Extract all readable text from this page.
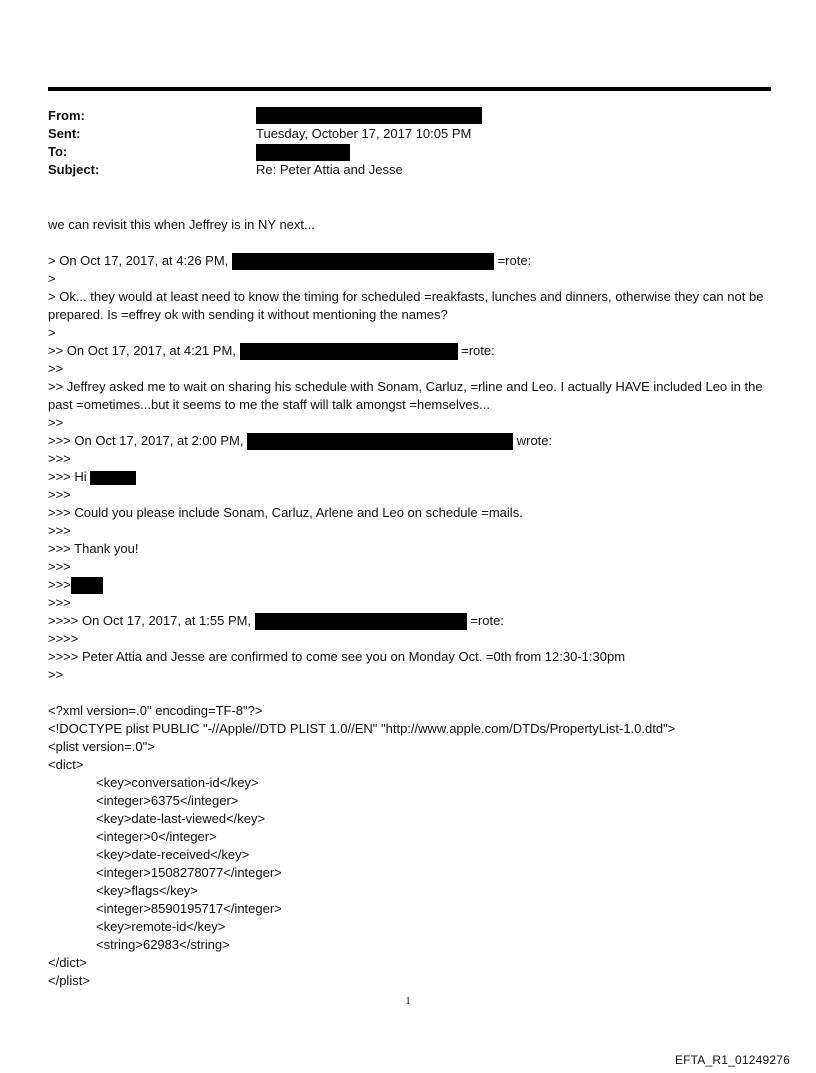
From:
Sent:	Tuesday, October 17, 2017 10:05 PM
To:
Subject:	Re: Peter Attia and Jesse
we can revisit this when Jeffrey is in NY next...
> On Oct 17, 2017, at 4:26 PM,	=rote:
>
> Ok... they would at least need to know the timing for scheduled =reakfasts, lunches and dinners, otherwise they can not be prepared. Is =effrey ok with sending it without mentioning the names?
>
>> On Oct 17, 2017, at 4:21 PM,	=rote:
>>
>> Jeffrey asked me to wait on sharing his schedule with Sonam, Carluz, =rline and Leo. I actually HAVE included Leo in the past =ometimes...but it seems to me the staff will talk amongst =hemselves...
>>
>>> On Oct 17, 2017, at 2:00 PM,	wrote:
>>>
>>> Hi
>>>
>>> Could you please include Sonam, Carluz, Arlene and Leo on schedule =mails.
>>>
>>> Thank you!
>>>
>>>
>>>
>>>> On Oct 17, 2017, at 1:55 PM,	=rote:
>>>>
>>>> Peter Attia and Jesse are confirmed to come see you on Monday Oct. =0th from 12:30-1:30pm
>>
<?xml version=.0" encoding=TF-8"?>
<!DOCTYPE plist PUBLIC "-//Apple//DTD PLIST 1.0//EN" "http://www.apple.com/DTDs/PropertyList-1.0.dtd">
<plist version=.0">
<dict>
<key>conversation-id</key>
<integer>6375</integer>
<key>date-last-viewed</key>
<integer>0</integer>
<key>date-received</key>
<integer>1508278077</integer>
<key>flags</key>
<integer>8590195717</integer>
<key>remote-id</key>
<string>62983</string>
</dict>
</plist>
1
EFTA_R1_01249276
